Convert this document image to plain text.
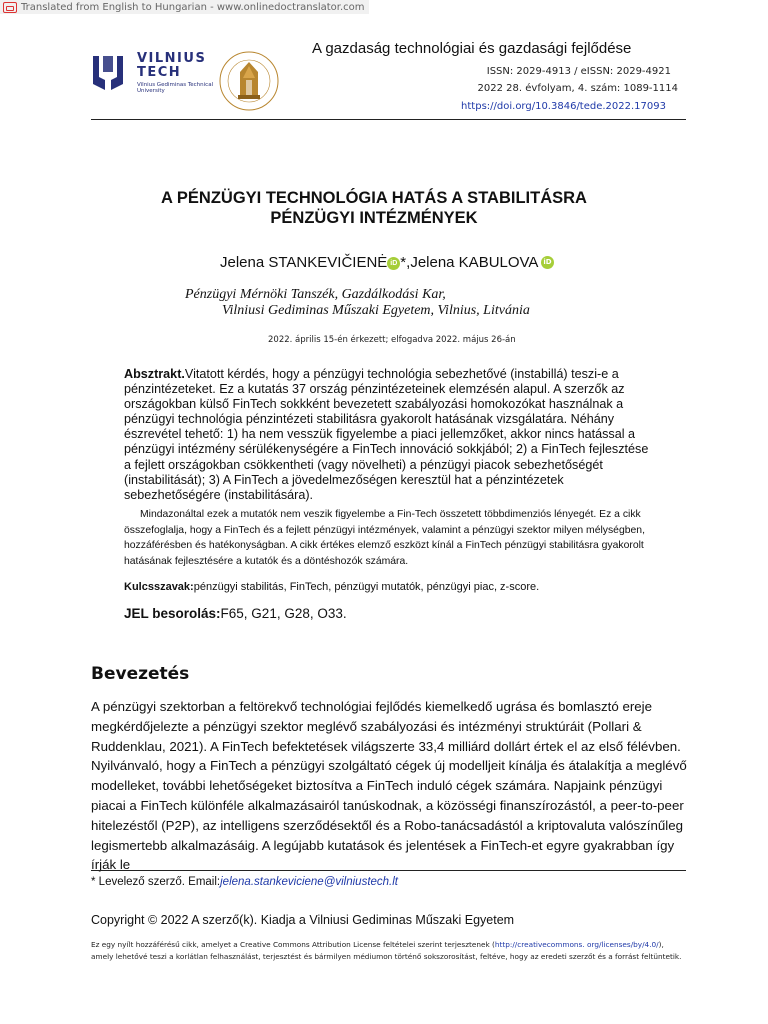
Translated from English to Hungarian - www.onlinedoctranslator.com
VILNIUS
TECH
Vilnius Gediminas Technical University
A gazdaság technológiai és gazdasági fejlődése
ISSN: 2029-4913 / eISSN: 2029-4921
2022 28. évfolyam, 4. szám: 1089-1114
https://doi.org/10.3846/tede.2022.17093
A PÉNZÜGYI TECHNOLÓGIA HATÁS A STABILITÁSRA
PÉNZÜGYI INTÉZMÉNYEK
Jelena STANKEVIČIENĖ iD *,Jelena KABULOVA iD
Pénzügyi Mérnöki Tanszék, Gazdálkodási Kar,
Vilniusi Gediminas Műszaki Egyetem, Vilnius, Litvánia
2022. április 15-én érkezett; elfogadva 2022. május 26-án
Absztrakt.Vitatott kérdés, hogy a pénzügyi technológia sebezhetővé (instabillá) teszi-e a pénzintézeteket. Ez a kutatás 37 ország pénzintézeteinek elemzésén alapul. A szerzők az országokban külső FinTech sokkként bevezetett szabályozási homokozókat használnak a pénzügyi technológia pénzintézeti stabilitásra gyakorolt hatásának vizsgálatára. Néhány észrevétel tehető: 1) ha nem vesszük figyelembe a piaci jellemzőket, akkor nincs hatással a pénzügyi intézmény sérülékenységére a FinTech innováció sokkjából; 2) a FinTech fejlesztése a fejlett országokban csökkentheti (vagy növelheti) a pénzügyi piacok sebezhetőségét (instabilitását); 3) A FinTech a jövedelmezőségen keresztül hat a pénzintézetek sebezhetőségére (instabilitására).
Mindazonáltal ezek a mutatók nem veszik figyelembe a Fin-Tech összetett többdimenziós lényegét. Ez a cikk összefoglalja, hogy a FinTech és a fejlett pénzügyi intézmények, valamint a pénzügyi szektor milyen mélységben, hozzáférésben és hatékonyságban. A cikk értékes elemző eszközt kínál a FinTech pénzügyi stabilitásra gyakorolt hatásának fejlesztésére a kutatók és a döntéshozók számára.
Kulcsszavak:pénzügyi stabilitás, FinTech, pénzügyi mutatók, pénzügyi piac, z-score.
JEL besorolás:F65, G21, G28, O33.
Bevezetés
A pénzügyi szektorban a feltörekvő technológiai fejlődés kiemelkedő ugrása és bomlasztó ereje megkérdőjelezte a pénzügyi szektor meglévő szabályozási és intézményi struktúráit (Pollari & Ruddenklau, 2021). A FinTech befektetések világszerte 33,4 milliárd dollárt értek el az első félévben. Nyilvánvaló, hogy a FinTech a pénzügyi szolgáltató cégek új modelljeit kínálja és átalakítja a meglévő modelleket, további lehetőségeket biztosítva a FinTech induló cégek számára. Napjaink pénzügyi piacai a FinTech különféle alkalmazásairól tanúskodnak, a közösségi finanszírozástól, a peer-to-peer hitelezéstől (P2P), az intelligens szerződésektől és a Robo-tanácsadástól a kriptovaluta valószínűleg legismertebb alkalmazásáig. A legújabb kutatások és jelentések a FinTech-et egyre gyakrabban így írják le
* Levelező szerző. Email:jelena.stankeviciene@vilniustech.lt
Copyright © 2022 A szerző(k). Kiadja a Vilniusi Gediminas Műszaki Egyetem
Ez egy nyílt hozzáférésű cikk, amelyet a Creative Commons Attribution License feltételei szerint terjesztenek (http://creativecommons. org/licenses/by/4.0/), amely lehetővé teszi a korlátlan felhasználást, terjesztést és bármilyen médiumon történő sokszorosítást, feltéve, hogy az eredeti szerzőt és a forrást feltüntetik.
